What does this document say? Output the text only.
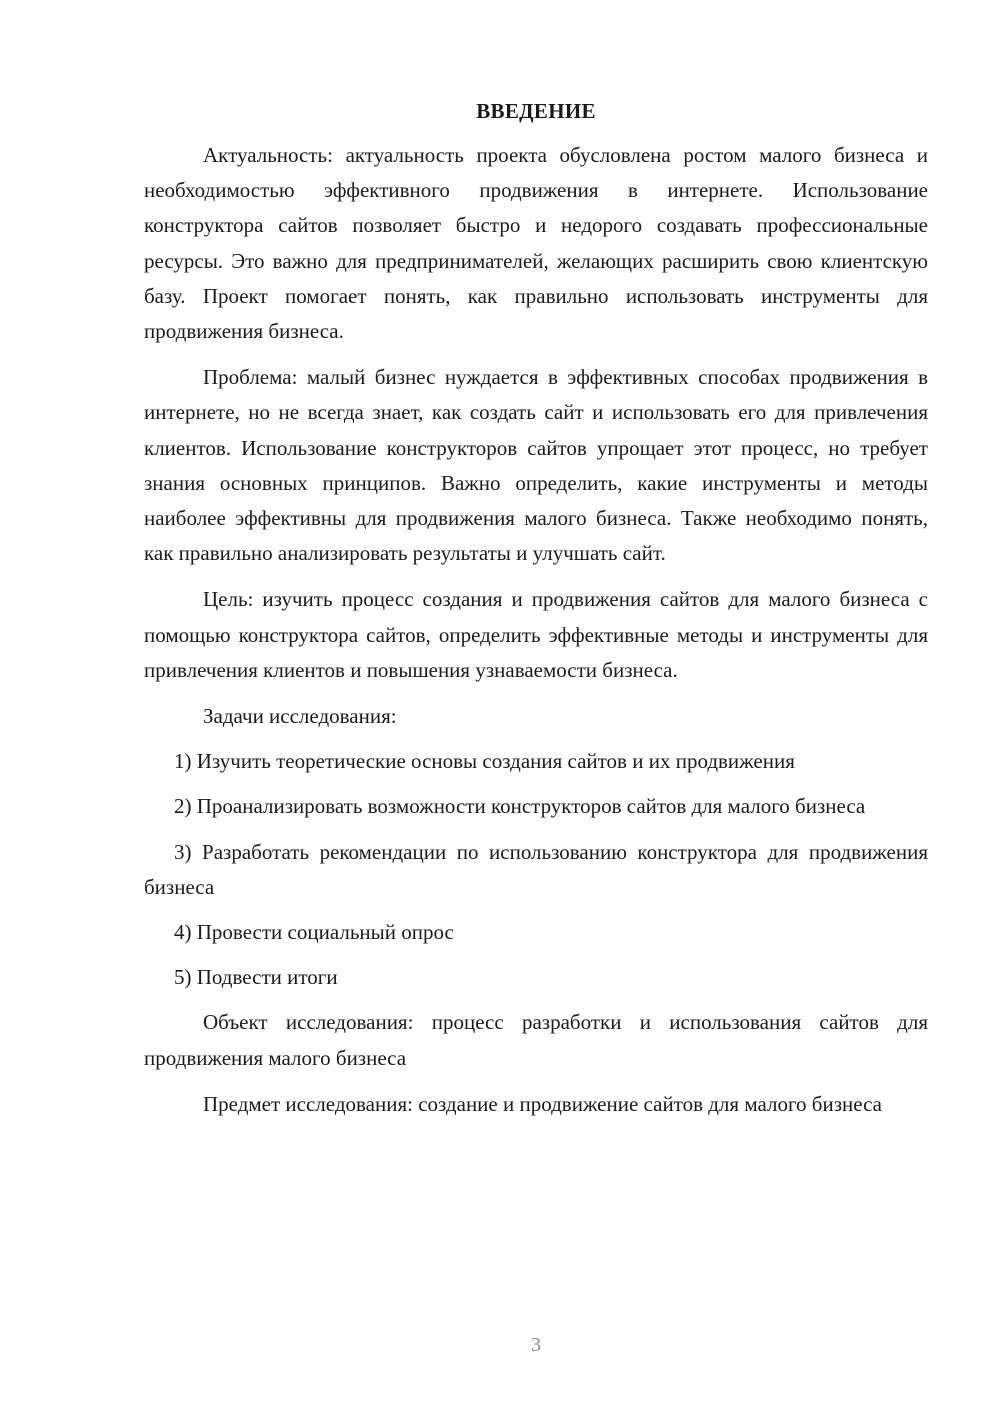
ВВЕДЕНИЕ

Актуальность: актуальность проекта обусловлена ростом малого бизнеса и необходимостью эффективного продвижения в интернете. Использование конструктора сайтов позволяет быстро и недорого создавать профессиональные ресурсы. Это важно для предпринимателей, желающих расширить свою клиентскую базу. Проект помогает понять, как правильно использовать инструменты для продвижения бизнеса.

Проблема: малый бизнес нуждается в эффективных способах продвижения в интернете, но не всегда знает, как создать сайт и использовать его для привлечения клиентов. Использование конструкторов сайтов упрощает этот процесс, но требует знания основных принципов. Важно определить, какие инструменты и методы наиболее эффективны для продвижения малого бизнеса. Также необходимо понять, как правильно анализировать результаты и улучшать сайт.

Цель: изучить процесс создания и продвижения сайтов для малого бизнеса с помощью конструктора сайтов, определить эффективные методы и инструменты для привлечения клиентов и повышения узнаваемости бизнеса.

Задачи исследования:

1) Изучить теоретические основы создания сайтов и их продвижения

2) Проанализировать возможности конструкторов сайтов для малого бизнеса

3) Разработать рекомендации по использованию конструктора для продвижения бизнеса

4) Провести социальный опрос

5) Подвести итоги

Объект исследования: процесс разработки и использования сайтов для продвижения малого бизнеса

Предмет исследования: создание и продвижение сайтов для малого бизнеса

3
